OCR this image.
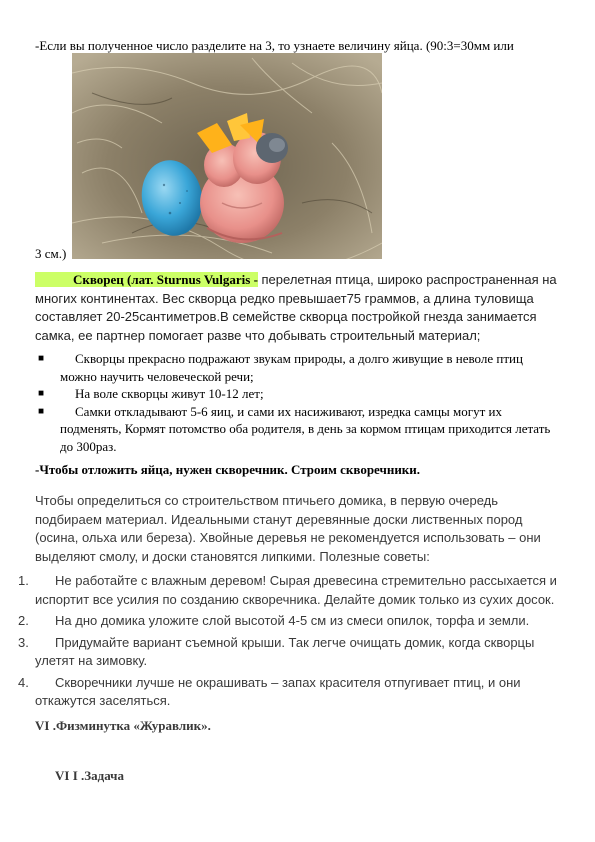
-Если вы полученное число разделите на 3, то узнаете величину яйца. (90:3=30мм или
3 см.)
Скворец (лат. Sturnus Vulgaris - перелетная птица, широко распространенная на многих континентах. Вес скворца редко превышает75 граммов, а длина туловища составляет 20-25сантиметров.В семействе скворца постройкой гнезда занимается самка, ее партнер помогает разве что добывать строительный материал;
■ Скворцы прекрасно подражают звукам природы, а долго живущие в неволе птиц можно научить человеческой речи;
■ На воле скворцы живут 10-12 лет;
■ Самки откладывают 5-6 яиц, и сами их насиживают, изредка самцы могут их подменять, Кормят потомство оба родителя, в день за кормом птицам приходится летать до 300раз.
-Чтобы отложить яйца, нужен скворечник. Строим скворечники.
Чтобы определиться со строительством птичьего домика, в первую очередь подбираем материал. Идеальными станут деревянные доски лиственных пород (осина, ольха или береза). Хвойные деревья не рекомендуется использовать – они выделяют смолу, и доски становятся липкими. Полезные советы:
1.	Не работайте с влажным деревом! Сырая древесина стремительно рассыхается и испортит все усилия по созданию скворечника. Делайте домик только из сухих досок.
2.	На дно домика уложите слой высотой 4-5 см из смеси опилок, торфа и земли.
3.	Придумайте вариант съемной крыши. Так легче очищать домик, когда скворцы улетят на зимовку.
4.	Скворечники лучше не окрашивать – запах красителя отпугивает птиц, и они откажутся заселяться.
VI .Физминутка «Журавлик».
VI I .Задача
